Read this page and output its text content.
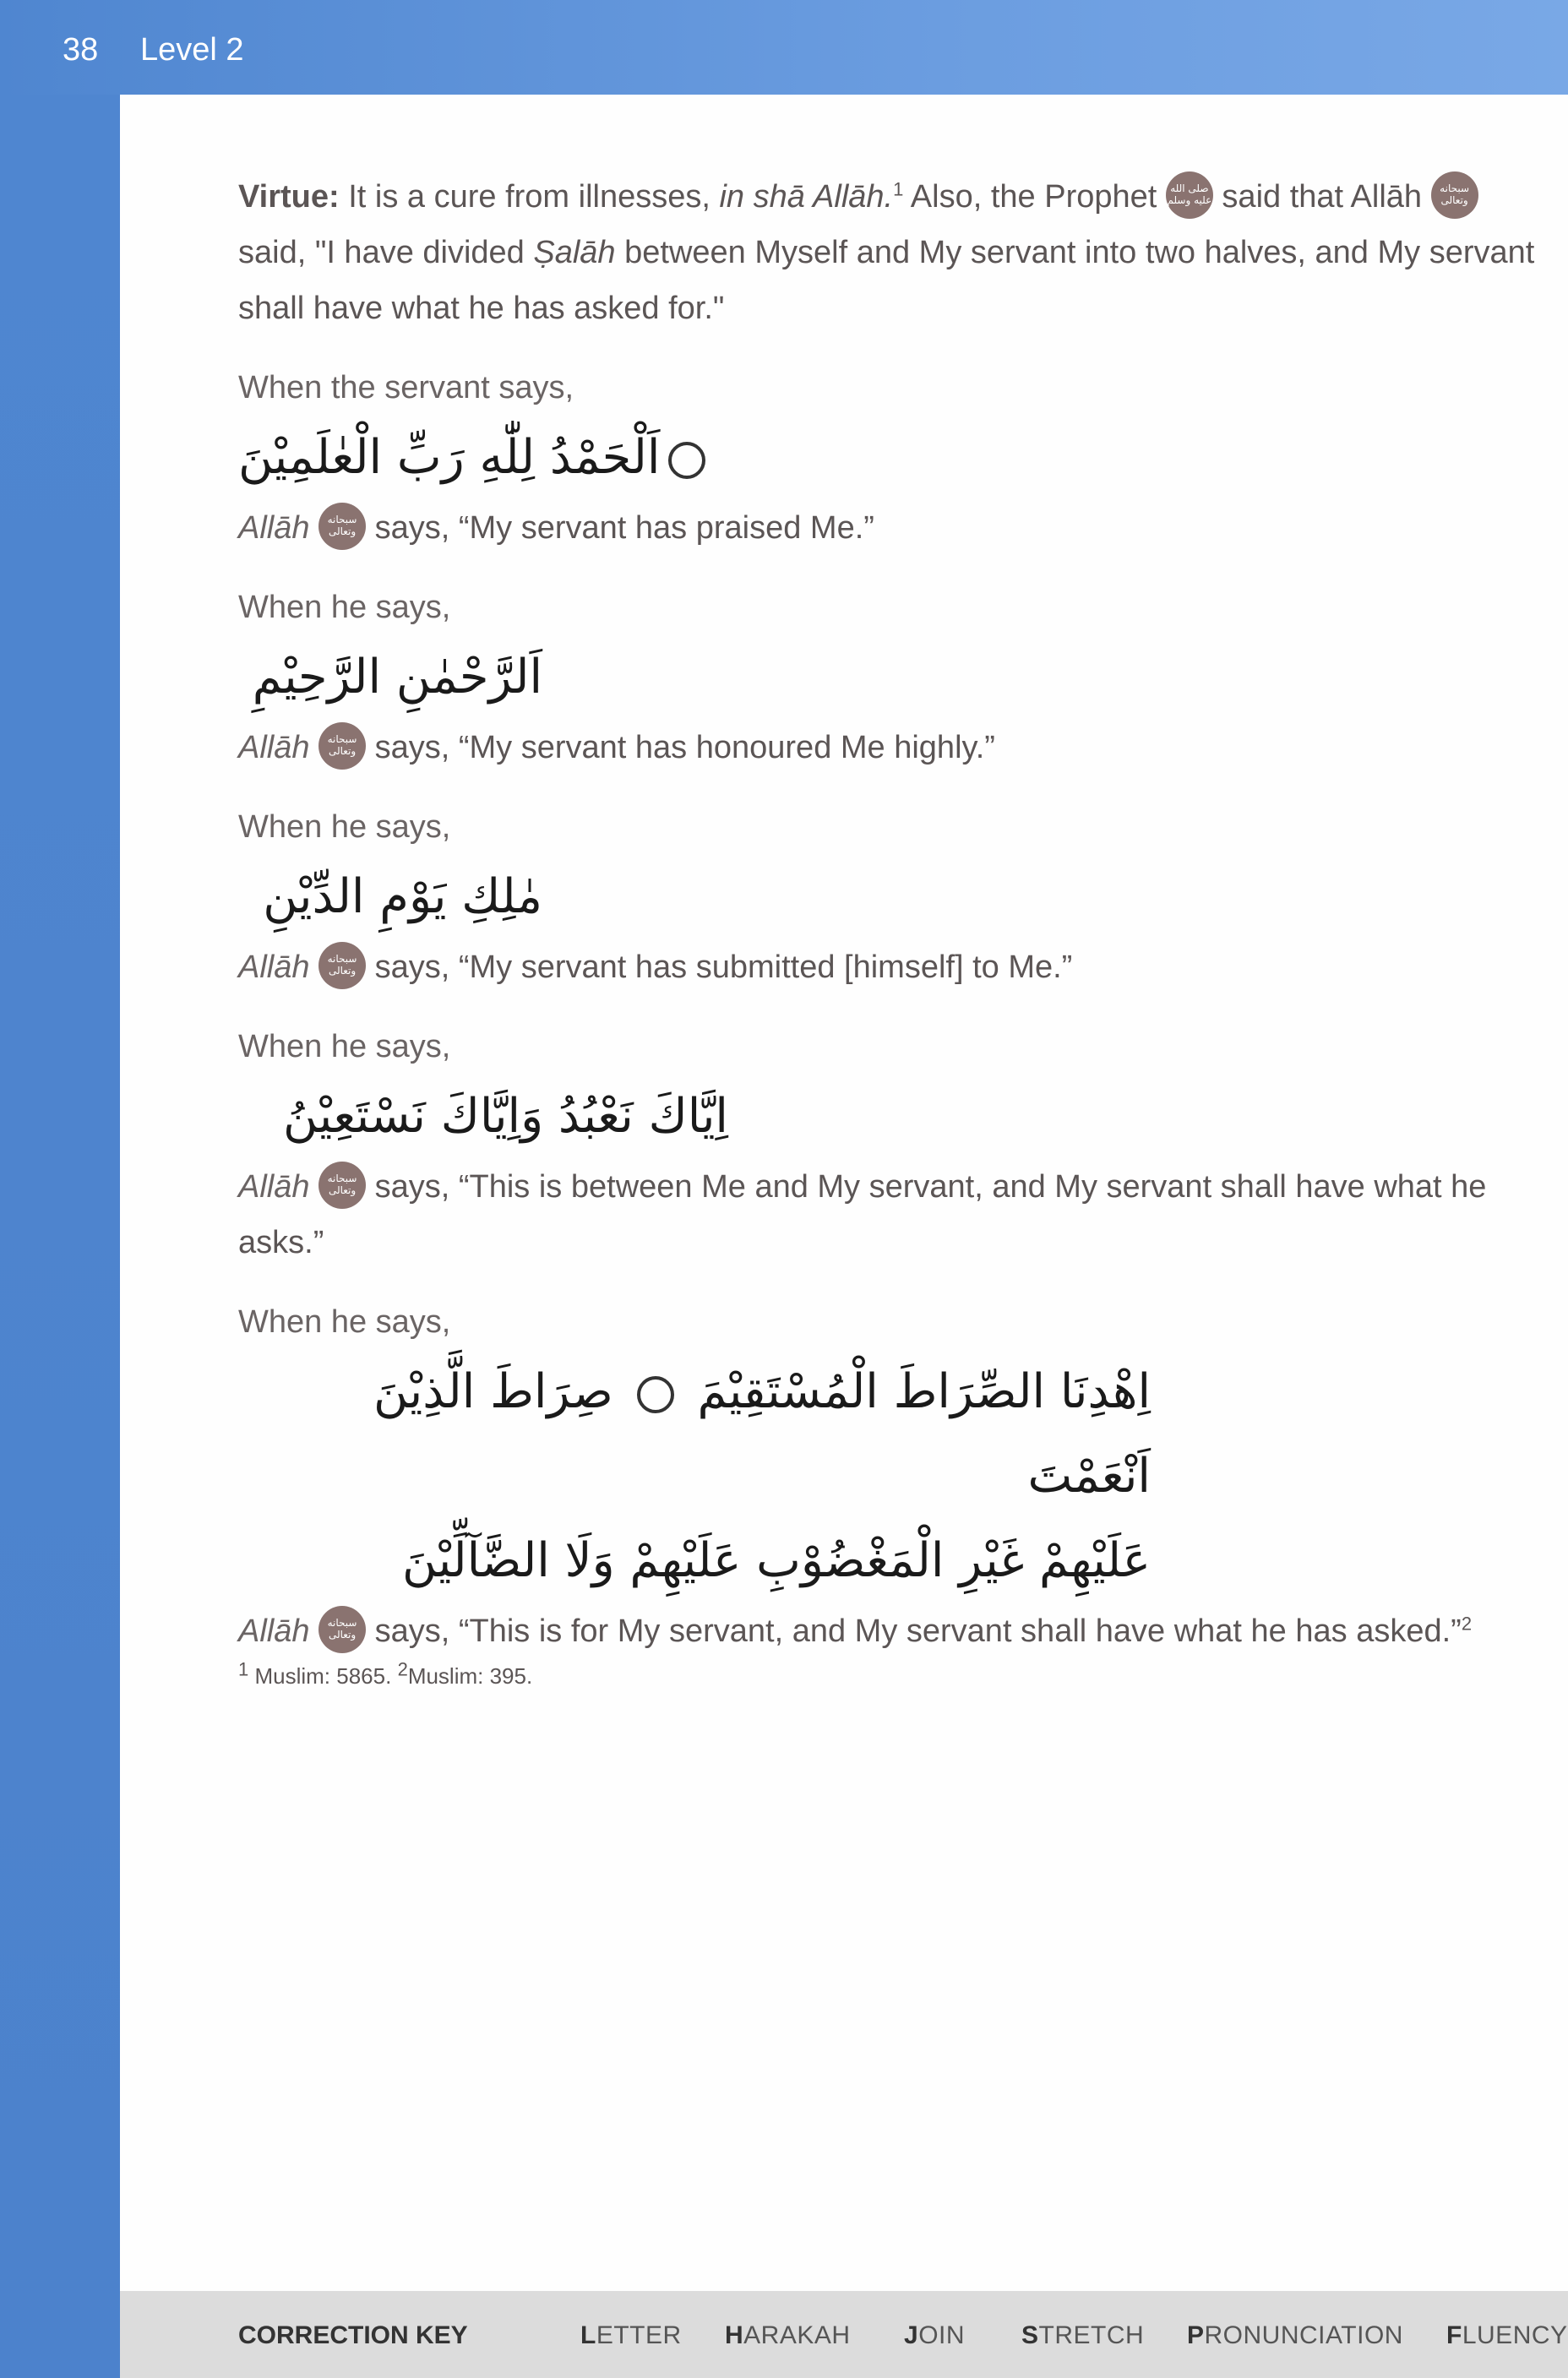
38 Level 2

Virtue: It is a cure from illnesses, in shā Allāh.$^1$ Also, the Prophet صلى الله عليه وسلم said that Allāh سبحانه وتعالى
said, "I have divided Ṣalāh between Myself and My servant into two halves, and My servant shall have what he has asked for."

When the servant says,

اَلْحَمْدُ لِلّٰهِ رَبِّ الْعٰلَمِيْنَ

Allāh	سبحانه وتعالى says, “My servant has praised Me.”

When he says,

اَلرَّحْمٰنِ الرَّحِيْمِ

Allāh	سبحانه وتعالى says, “My servant has honoured Me highly.”

When he says,

مٰلِكِ يَوْمِ الدِّيْنِ

Allāh	سبحانه وتعالى says, “My servant has submitted [himself] to Me.”

When he says,

اِيَّاكَ نَعْبُدُ وَاِيَّاكَ نَسْتَعِيْنُ

Allāh	سبحانه وتعالى says, “This is between Me and My servant, and My servant shall have what he asks.”

When he says,

اِهْدِنَا الصِّرَاطَ الْمُسْتَقِيْمَ  صِرَاطَ الَّذِيْنَ اَنْعَمْتَ

عَلَيْهِمْ غَيْرِ الْمَغْضُوْبِ عَلَيْهِمْ وَلَا الضَّآلِّيْنَ

Allāh	سبحانه وتعالى says, “This is for My servant, and My servant shall have what he has asked.”$^2$

$^1$ Muslim: 5865. $^2$Muslim: 395.

CORRECTION KEY	LETTER HARAKAH JOIN STRETCH PRONUNCIATION FLUENCY
